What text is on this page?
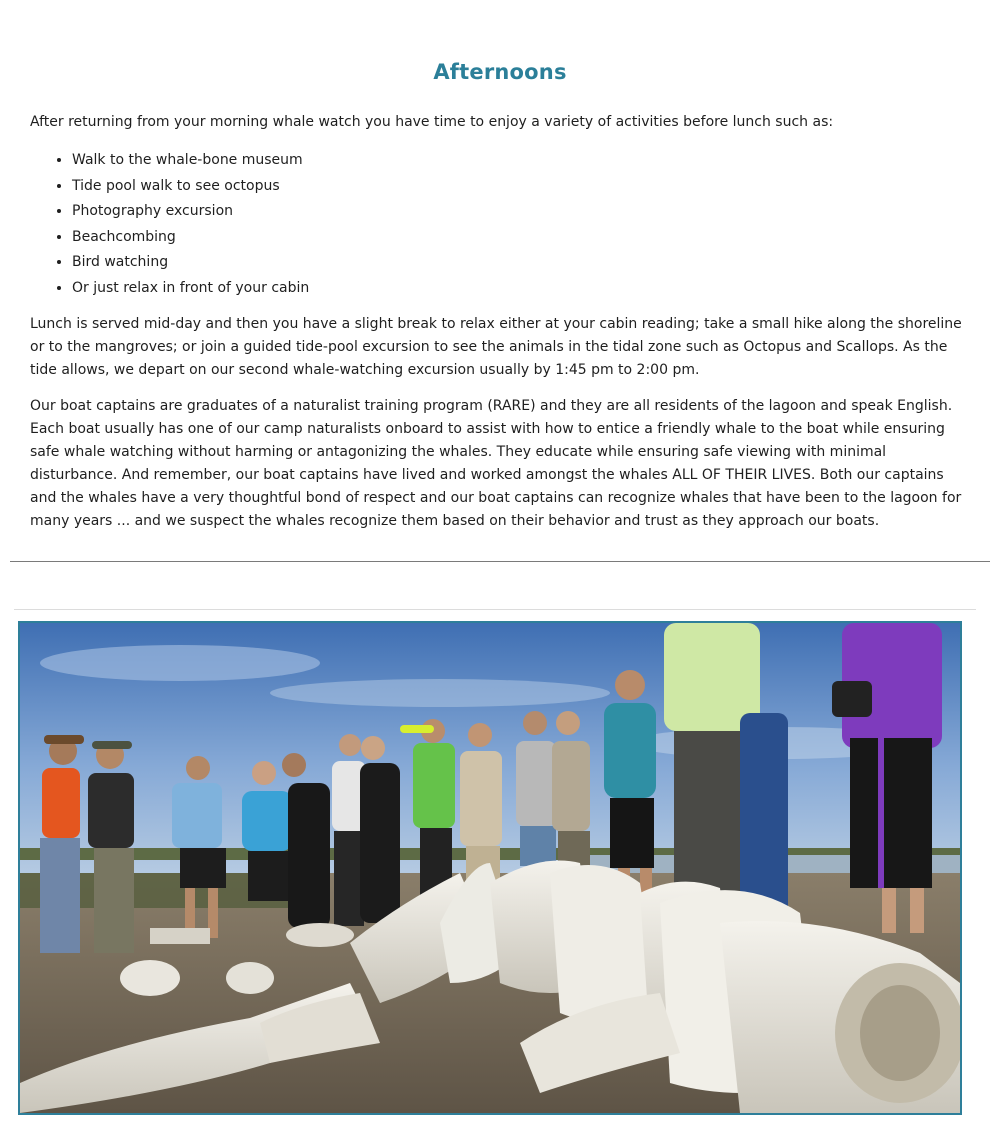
Afternoons

After returning from your morning whale watch you have time to enjoy a variety of activities before lunch such as:

• Walk to the whale-bone museum
• Tide pool walk to see octopus
• Photography excursion
• Beachcombing
• Bird watching
• Or just relax in front of your cabin

Lunch is served mid-day and then you have a slight break to relax either at your cabin reading; take a small hike along the shoreline or to the mangroves; or join a guided tide-pool excursion to see the animals in the tidal zone such as Octopus and Scallops. As the tide allows, we depart on our second whale-watching excursion usually by 1:45 pm to 2:00 pm.

Our boat captains are graduates of a naturalist training program (RARE) and they are all residents of the lagoon and speak English. Each boat usually has one of our camp naturalists onboard to assist with how to entice a friendly whale to the boat while ensuring safe whale watching without harming or antagonizing the whales. They educate while ensuring safe viewing with minimal disturbance. And remember, our boat captains have lived and worked amongst the whales ALL OF THEIR LIVES. Both our captains and the whales have a very thoughtful bond of respect and our boat captains can recognize whales that have been to the lagoon for many years ... and we suspect the whales recognize them based on their behavior and trust as they approach our boats.
